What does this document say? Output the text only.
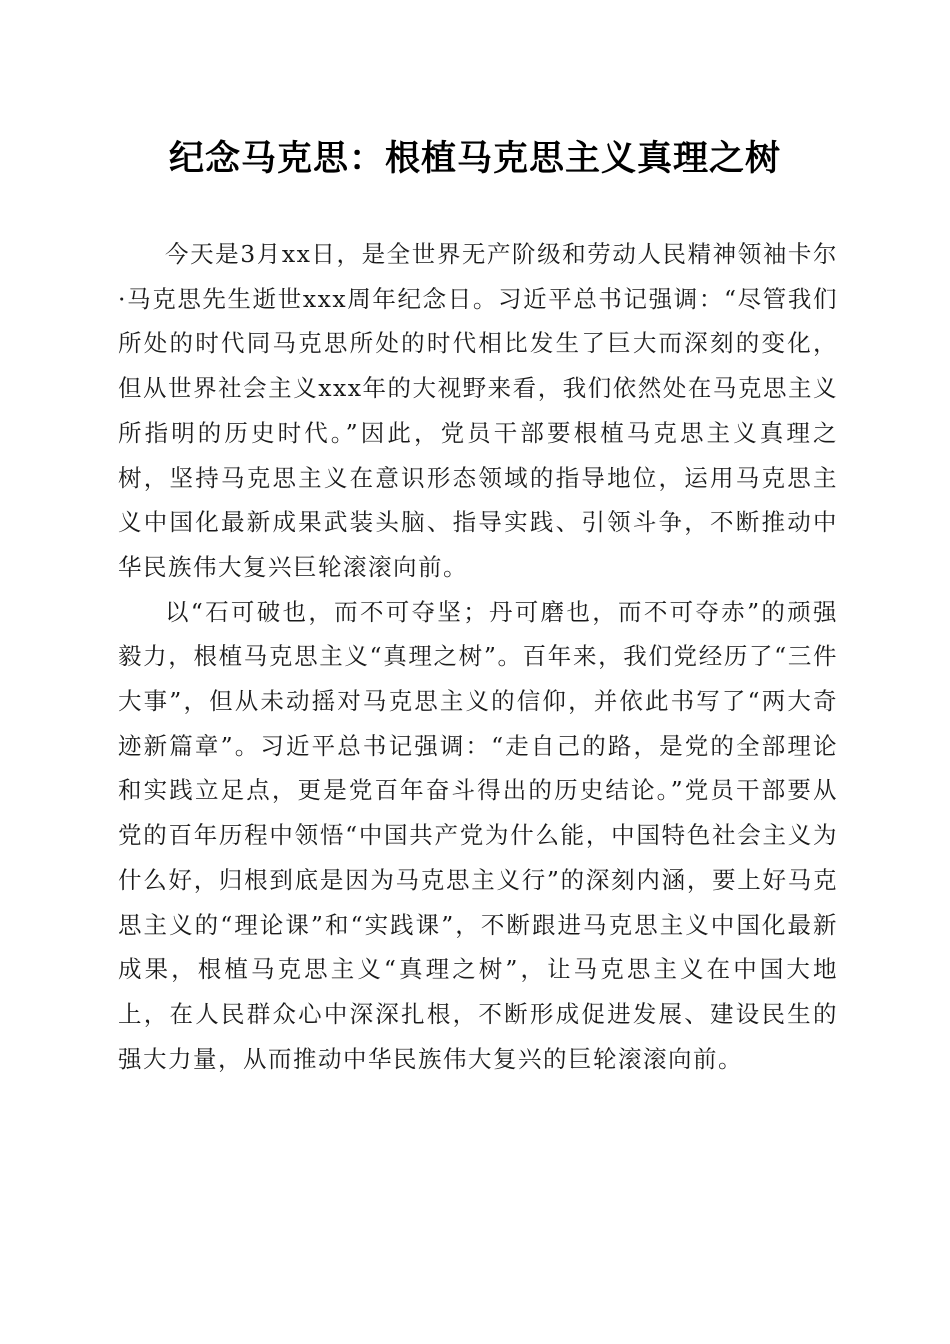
纪念马克思：根植马克思主义真理之树

今天是3月xx日，是全世界无产阶级和劳动人民精神领袖卡尔·马克思先生逝世xxx周年纪念日。习近平总书记强调：“尽管我们所处的时代同马克思所处的时代相比发生了巨大而深刻的变化，但从世界社会主义xxx年的大视野来看，我们依然处在马克思主义所指明的历史时代。”因此，党员干部要根植马克思主义真理之树，坚持马克思主义在意识形态领域的指导地位，运用马克思主义中国化最新成果武装头脑、指导实践、引领斗争，不断推动中华民族伟大复兴巨轮滚滚向前。

以“石可破也，而不可夺坚；丹可磨也，而不可夺赤”的顽强毅力，根植马克思主义“真理之树”。百年来，我们党经历了“三件大事”，但从未动摇对马克思主义的信仰，并依此书写了“两大奇迹新篇章”。习近平总书记强调：“走自己的路，是党的全部理论和实践立足点，更是党百年奋斗得出的历史结论。”党员干部要从党的百年历程中领悟“中国共产党为什么能，中国特色社会主义为什么好，归根到底是因为马克思主义行”的深刻内涵，要上好马克思主义的“理论课”和“实践课”，不断跟进马克思主义中国化最新成果，根植马克思主义“真理之树”，让马克思主义在中国大地上，在人民群众心中深深扎根，不断形成促进发展、建设民生的强大力量，从而推动中华民族伟大复兴的巨轮滚滚向前。
